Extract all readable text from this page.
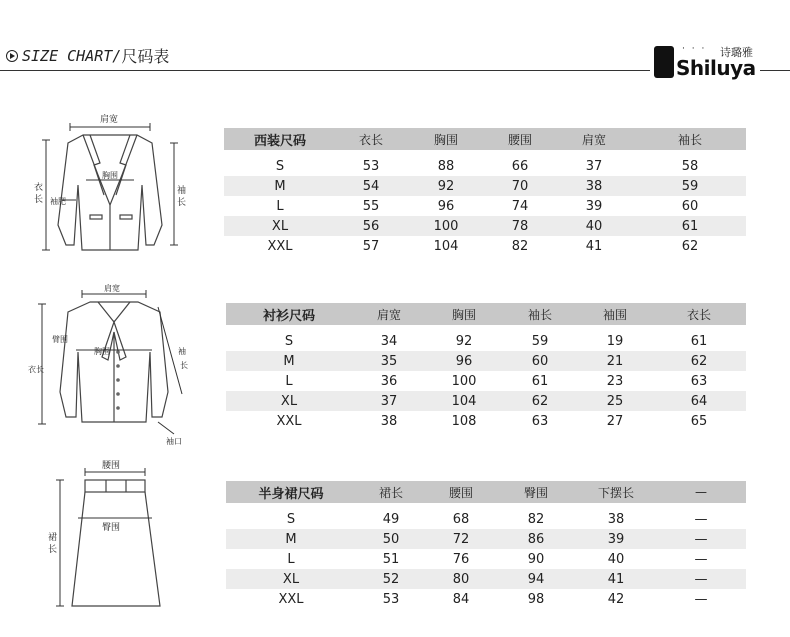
SIZE CHART/ 尺码表	· · · 诗璐雅
Shiluya
肩宽
胸围
衣
长 袖肥
袖
长
肩宽
胸围
臂围
衣长
袖
长
袖口
腰围
臀围
裙
长
西装尺码	衣长	胸围	腰围	肩宽	袖长

S	53	88	66	37	58
M	54	92	70	38	59
L	55	96	74	39	60
XL	56	100	78	40	61
XXL	57	104	82	41	62
衬衫尺码	肩宽	胸围	袖长	袖围	衣长

S	34	92	59	19	61
M	35	96	60	21	62
L	36	100	61	23	63
XL	37	104	62	25	64
XXL	38	108	63	27	65
半身裙尺码	裙长	腰围	臀围	下摆长	—

S	49	68	82	38	—
M	50	72	86	39	—
L	51	76	90	40	—
XL	52	80	94	41	—
XXL	53	84	98	42	—
